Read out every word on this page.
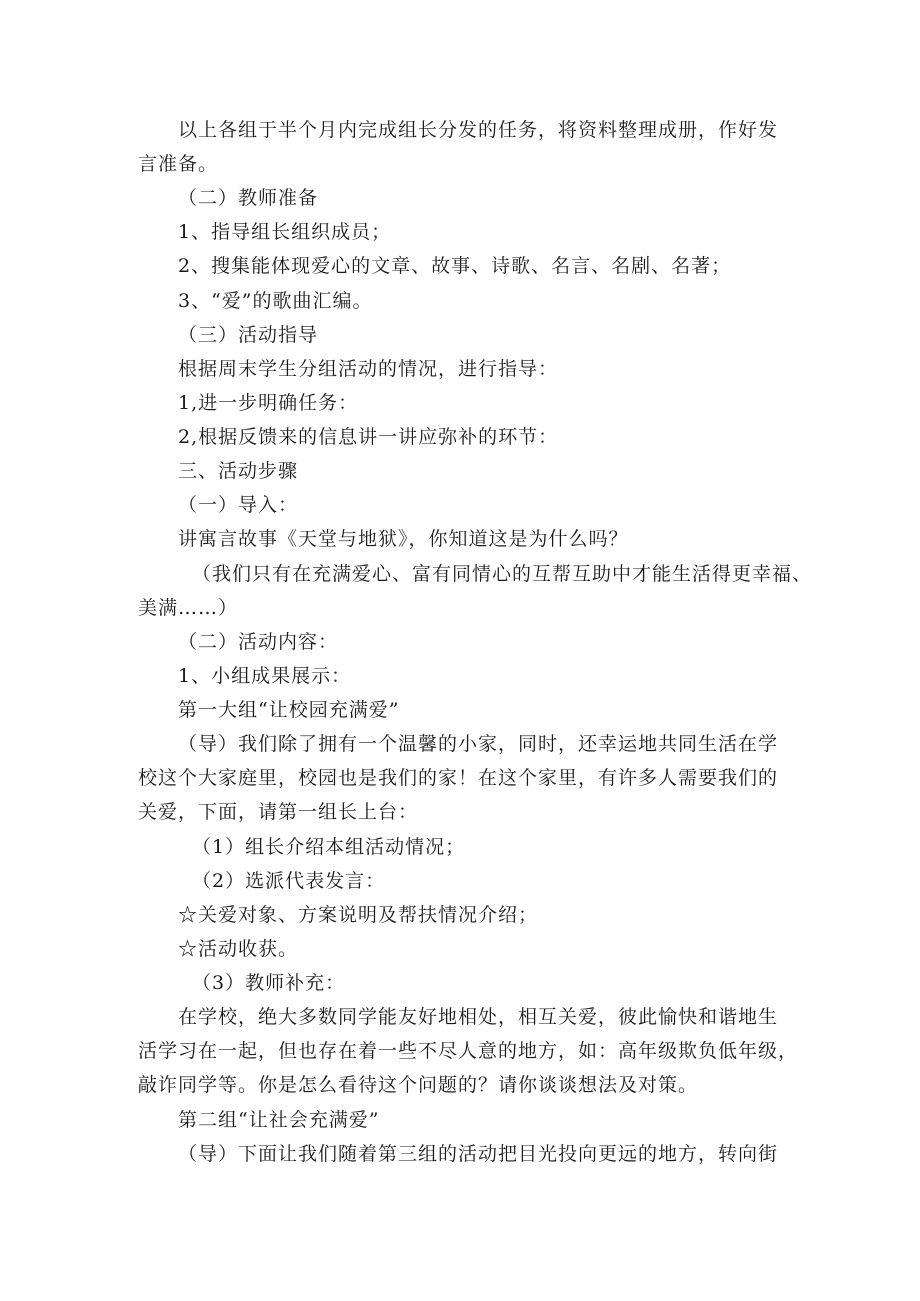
以上各组于半个月内完成组长分发的任务，将资料整理成册，作好发
言准备。
（二）教师准备
1、指导组长组织成员；
2、搜集能体现爱心的文章、故事、诗歌、名言、名剧、名著；
3、“爱”的歌曲汇编。
（三）活动指导
根据周末学生分组活动的情况，进行指导：
1,进一步明确任务：
2,根据反馈来的信息讲一讲应弥补的环节：
三、活动步骤
（一）导入：
讲寓言故事《天堂与地狱》，你知道这是为什么吗？
（我们只有在充满爱心、富有同情心的互帮互助中才能生活得更幸福、
美满……）
（二）活动内容：
1、小组成果展示：
第一大组“让校园充满爱”
（导）我们除了拥有一个温馨的小家，同时，还幸运地共同生活在学
校这个大家庭里，校园也是我们的家！在这个家里，有许多人需要我们的
关爱，下面，请第一组长上台：
（1）组长介绍本组活动情况；
（2）选派代表发言：
☆关爱对象、方案说明及帮扶情况介绍；
☆活动收获。
（3）教师补充：
在学校，绝大多数同学能友好地相处，相互关爱，彼此愉快和谐地生
活学习在一起，但也存在着一些不尽人意的地方，如：高年级欺负低年级，
敲诈同学等。你是怎么看待这个问题的？请你谈谈想法及对策。
第二组“让社会充满爱”
（导）下面让我们随着第三组的活动把目光投向更远的地方，转向街
